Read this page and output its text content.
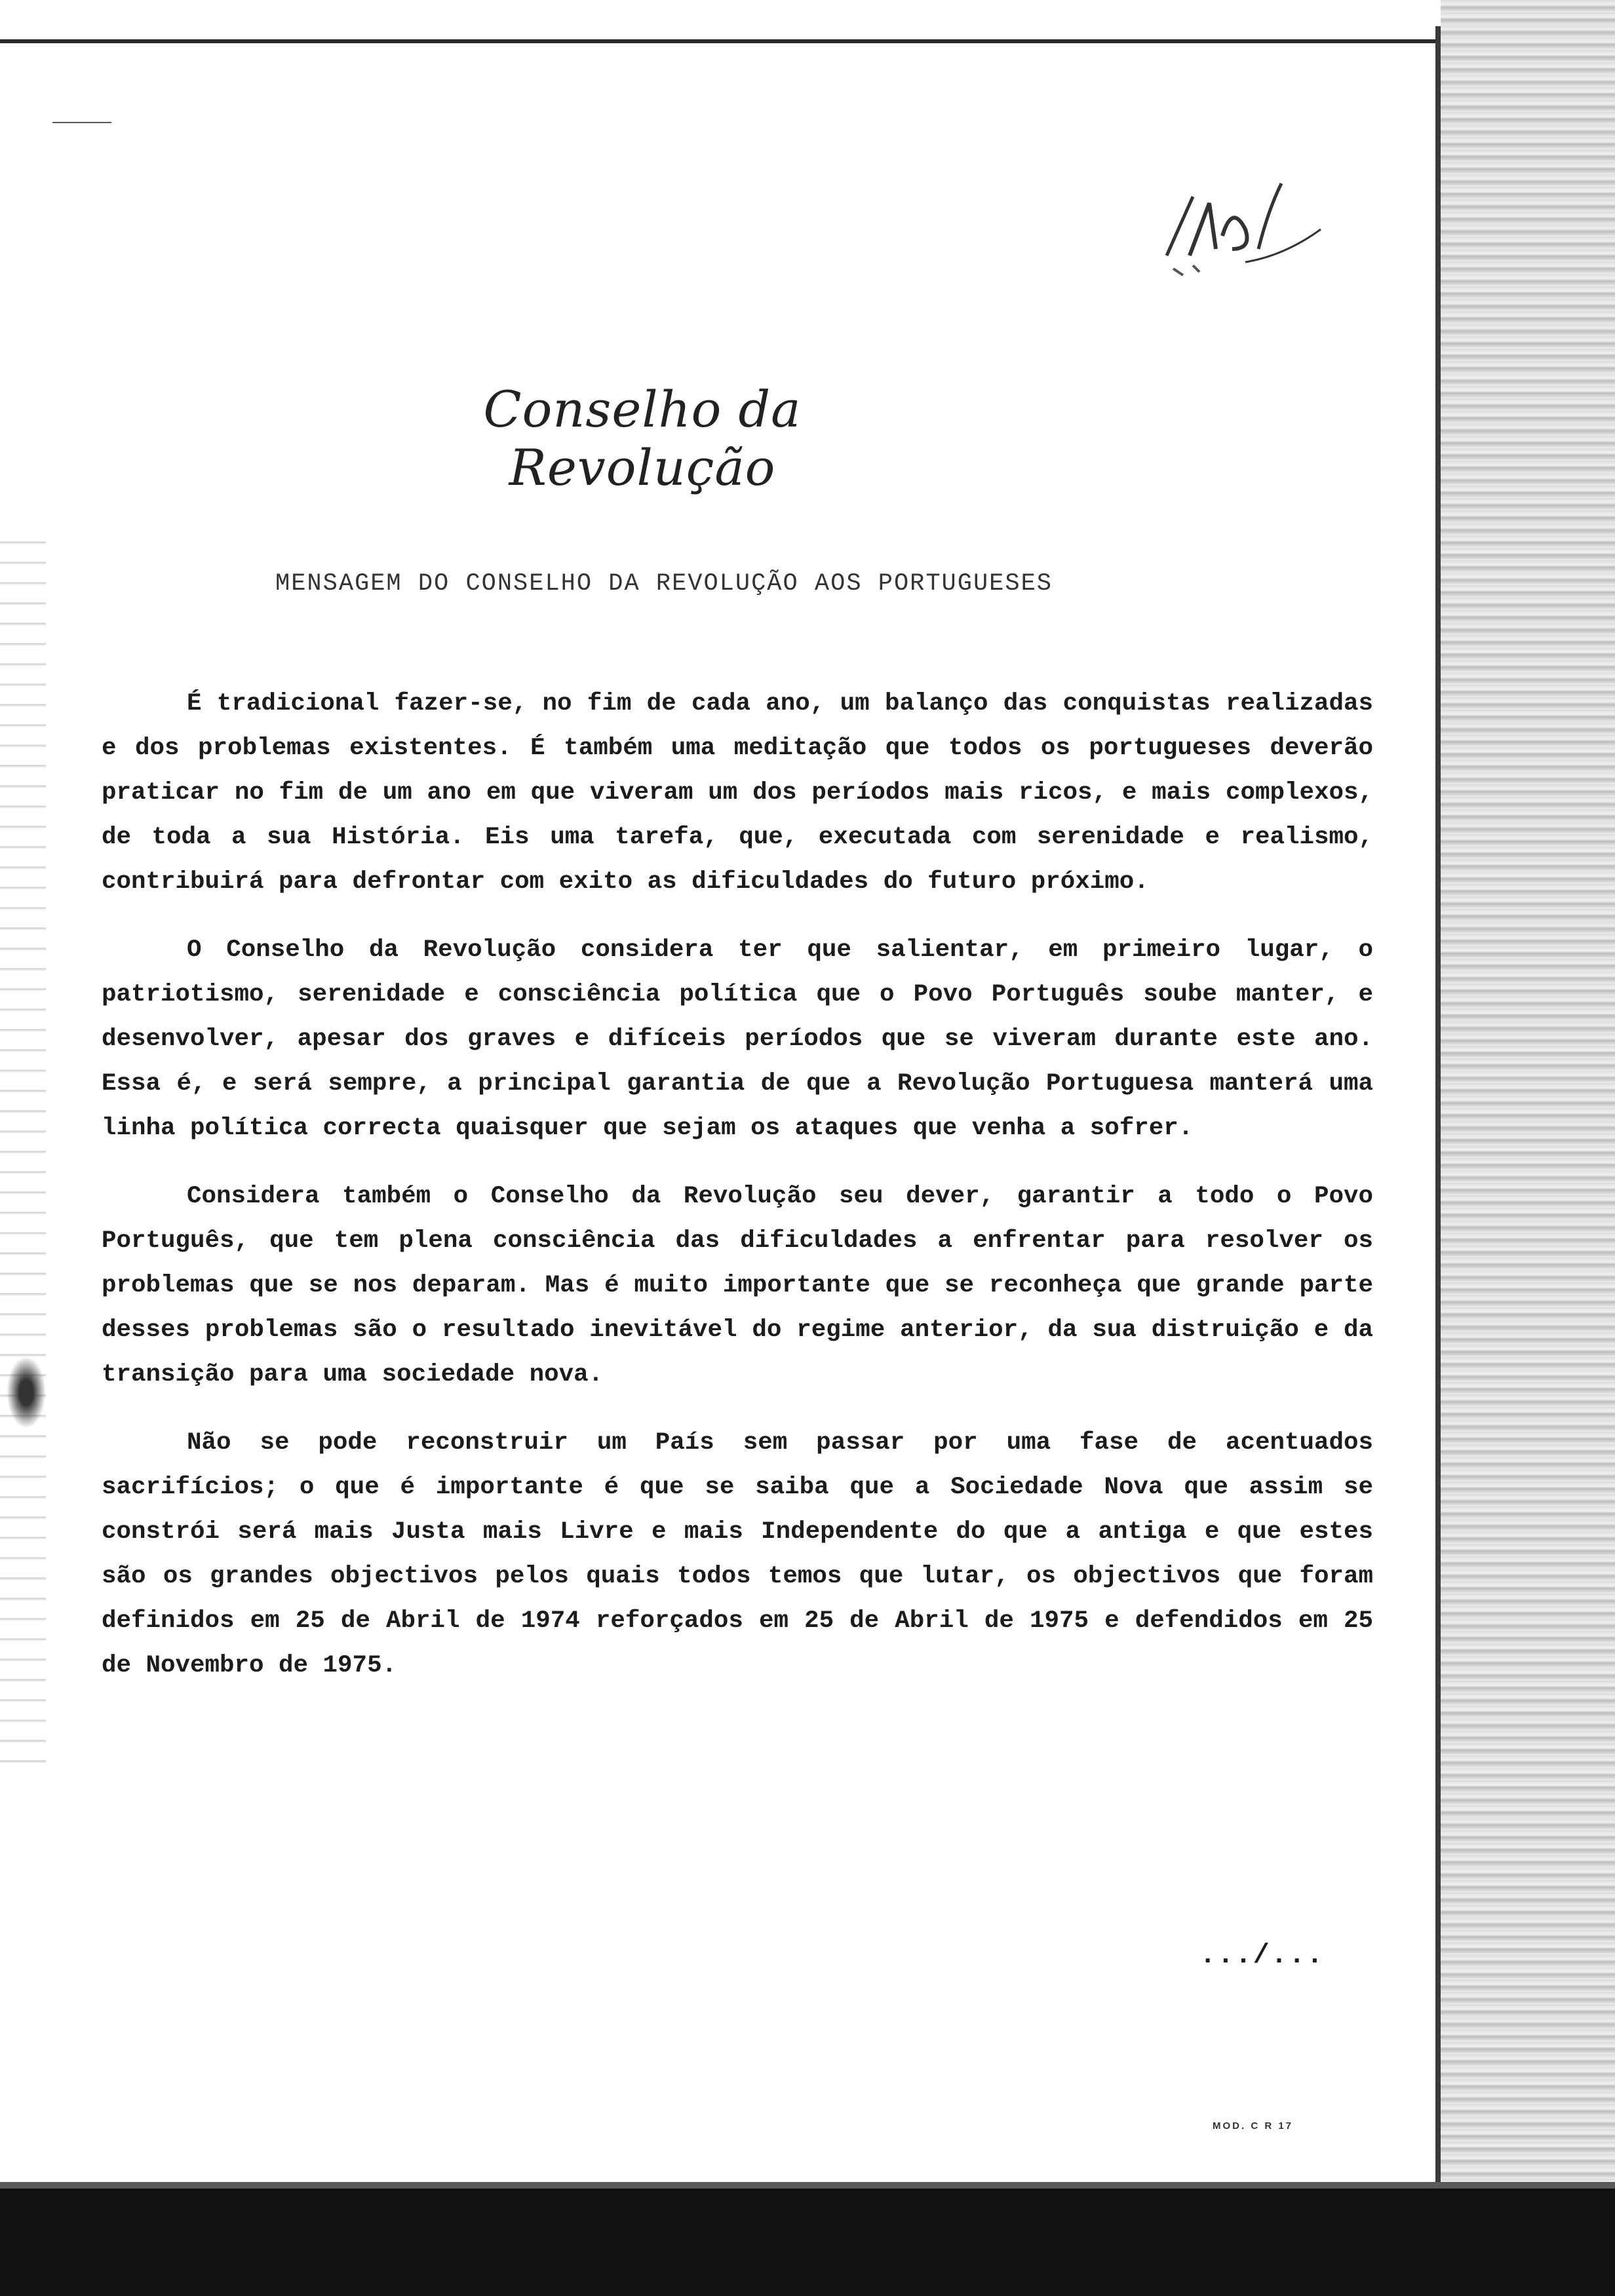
Conselho da Revolução
MENSAGEM DO CONSELHO DA REVOLUÇÃO AOS PORTUGUESES

É tradicional fazer-se, no fim de cada ano, um balanço das conquistas realizadas e dos problemas existentes. É também uma meditação que todos os portugueses deverão praticar no fim de um ano em que viveram um dos períodos mais ricos, e mais complexos, de toda a sua História. Eis uma tarefa, que, executada com serenidade e realismo, contribuirá para defrontar com exito as dificuldades do futuro próximo.

O Conselho da Revolução considera ter que salientar, em primeiro lugar, o patriotismo, serenidade e consciência política que o Povo Português soube manter, e desenvolver, apesar dos graves e difíceis períodos que se viveram durante este ano. Essa é, e será sempre, a principal garantia de que a Revolução Portuguesa manterá uma linha política correcta quaisquer que sejam os ataques que venha a sofrer.

Considera também o Conselho da Revolução seu dever, garantir a todo o Povo Português, que tem plena consciência das dificuldades a enfrentar para resolver os problemas que se nos deparam. Mas é muito importante que se reconheça que grande parte desses problemas são o resultado inevitável do regime anterior, da sua distruição e da transição para uma sociedade nova.

Não se pode reconstruir um País sem passar por uma fase de acentuados sacrifícios; o que é importante é que se saiba que a Sociedade Nova que assim se constrói será mais Justa mais Livre e mais Independente do que a antiga e que estes são os grandes objectivos pelos quais todos temos que lutar, os objectivos que foram definidos em 25 de Abril de 1974 reforçados em 25 de Abril de 1975 e defendidos em 25 de Novembro de 1975.

.../...
MOD. C R 17
